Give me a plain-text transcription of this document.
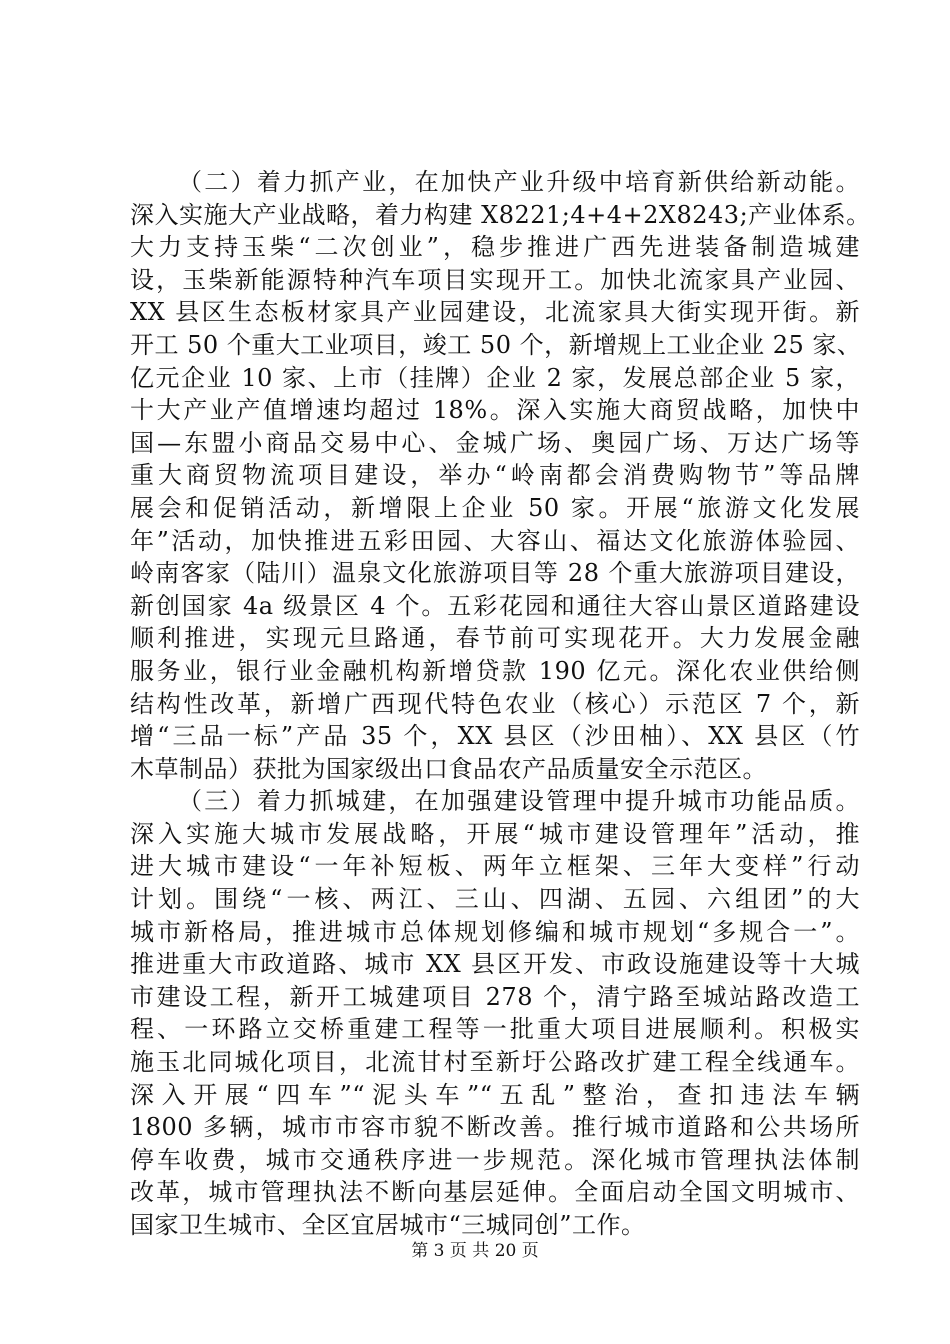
（二）着力抓产业，在加快产业升级中培育新供给新动能。
深入实施大产业战略，着力构建 X8221;4+4+2X8243;产业体系。
大力支持玉柴“二次创业”，稳步推进广西先进装备制造城建
设，玉柴新能源特种汽车项目实现开工。加快北流家具产业园、
XX 县区生态板材家具产业园建设，北流家具大街实现开街。新
开工 50 个重大工业项目，竣工 50 个，新增规上工业企业 25 家、
亿元企业 10 家、上市（挂牌）企业 2 家，发展总部企业 5 家，
十大产业产值增速均超过 18%。深入实施大商贸战略，加快中
国—东盟小商品交易中心、金城广场、奥园广场、万达广场等
重大商贸物流项目建设，举办“岭南都会消费购物节”等品牌
展会和促销活动，新增限上企业 50 家。开展“旅游文化发展
年”活动，加快推进五彩田园、大容山、福达文化旅游体验园、
岭南客家（陆川）温泉文化旅游项目等 28 个重大旅游项目建设，
新创国家 4a 级景区 4 个。五彩花园和通往大容山景区道路建设
顺利推进，实现元旦路通，春节前可实现花开。大力发展金融
服务业，银行业金融机构新增贷款 190 亿元。深化农业供给侧
结构性改革，新增广西现代特色农业（核心）示范区 7 个，新
增“三品一标”产品 35 个，XX 县区（沙田柚）、XX 县区（竹
木草制品）获批为国家级出口食品农产品质量安全示范区。
（三）着力抓城建，在加强建设管理中提升城市功能品质。
深入实施大城市发展战略，开展“城市建设管理年”活动，推
进大城市建设“一年补短板、两年立框架、三年大变样”行动
计划。围绕“一核、两江、三山、四湖、五园、六组团”的大
城市新格局，推进城市总体规划修编和城市规划“多规合一”。
推进重大市政道路、城市 XX 县区开发、市政设施建设等十大城
市建设工程，新开工城建项目 278 个，清宁路至城站路改造工
程、一环路立交桥重建工程等一批重大项目进展顺利。积极实
施玉北同城化项目，北流甘村至新圩公路改扩建工程全线通车。
深入开展“四车”“泥头车”“五乱”整治，查扣违法车辆
1800 多辆，城市市容市貌不断改善。推行城市道路和公共场所
停车收费，城市交通秩序进一步规范。深化城市管理执法体制
改革，城市管理执法不断向基层延伸。全面启动全国文明城市、
国家卫生城市、全区宜居城市“三城同创”工作。
第 3 页 共 20 页
